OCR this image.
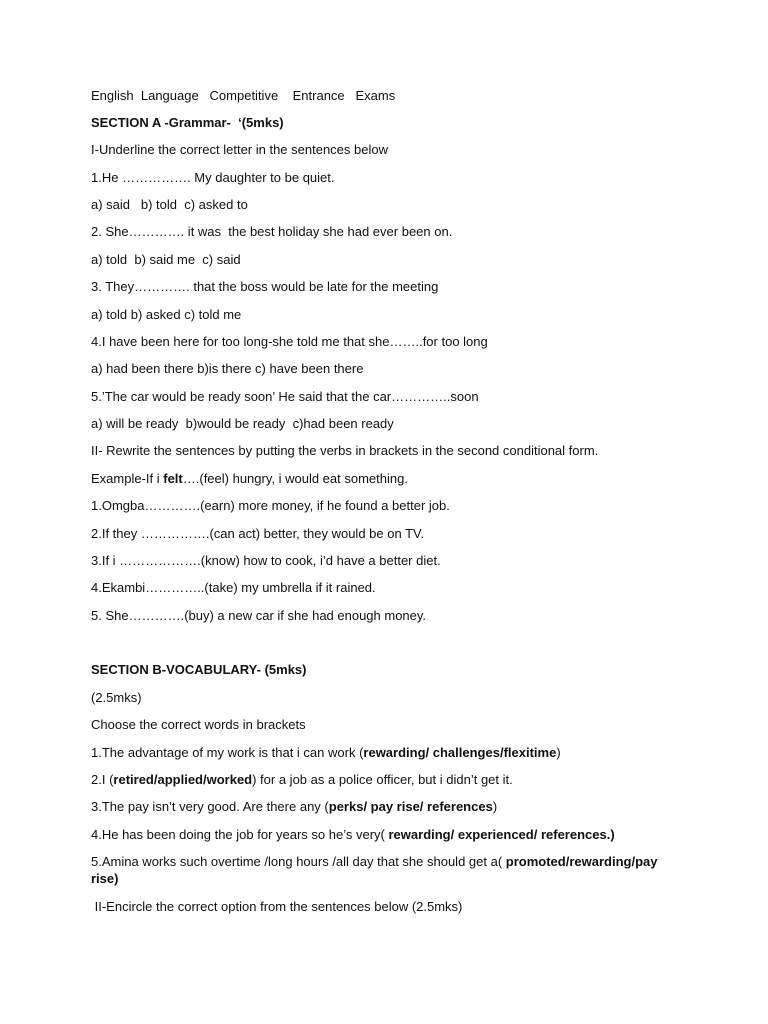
English  Language   Competitive    Entrance   Exams
SECTION A -Grammar-  ‘(5mks)
I-Underline the correct letter in the sentences below
1.He ……………. My daughter to be quiet.
a) said   b) told  c) asked to
2. She…………. it was  the best holiday she had ever been on.
a) told  b) said me  c) said
3. They…………. that the boss would be late for the meeting
a) told b) asked c) told me
4.I have been here for too long-she told me that she……..for too long
a) had been there b)is there c) have been there
5.’The car would be ready soon’ He said that the car…………..soon
a) will be ready  b)would be ready  c)had been ready
II- Rewrite the sentences by putting the verbs in brackets in the second conditional form.
Example-If i felt….(feel) hungry, i would eat something.
1.Omgba………….(earn) more money, if he found a better job.
2.If they …………….(can act) better, they would be on TV.
3.If i ……………….(know) how to cook, i’d have a better diet.
4.Ekambi…………..(take) my umbrella if it rained.
5. She………….(buy) a new car if she had enough money.
SECTION B-VOCABULARY- (5mks)
(2.5mks)
Choose the correct words in brackets
1.The advantage of my work is that i can work (rewarding/ challenges/flexitime)
2.I (retired/applied/worked) for a job as a police officer, but i didn’t get it.
3.The pay isn’t very good. Are there any (perks/ pay rise/ references)
4.He has been doing the job for years so he’s very( rewarding/ experienced/ references.)
5.Amina works such overtime /long hours /all day that she should get a( promoted/rewarding/pay rise)
II-Encircle the correct option from the sentences below (2.5mks)
